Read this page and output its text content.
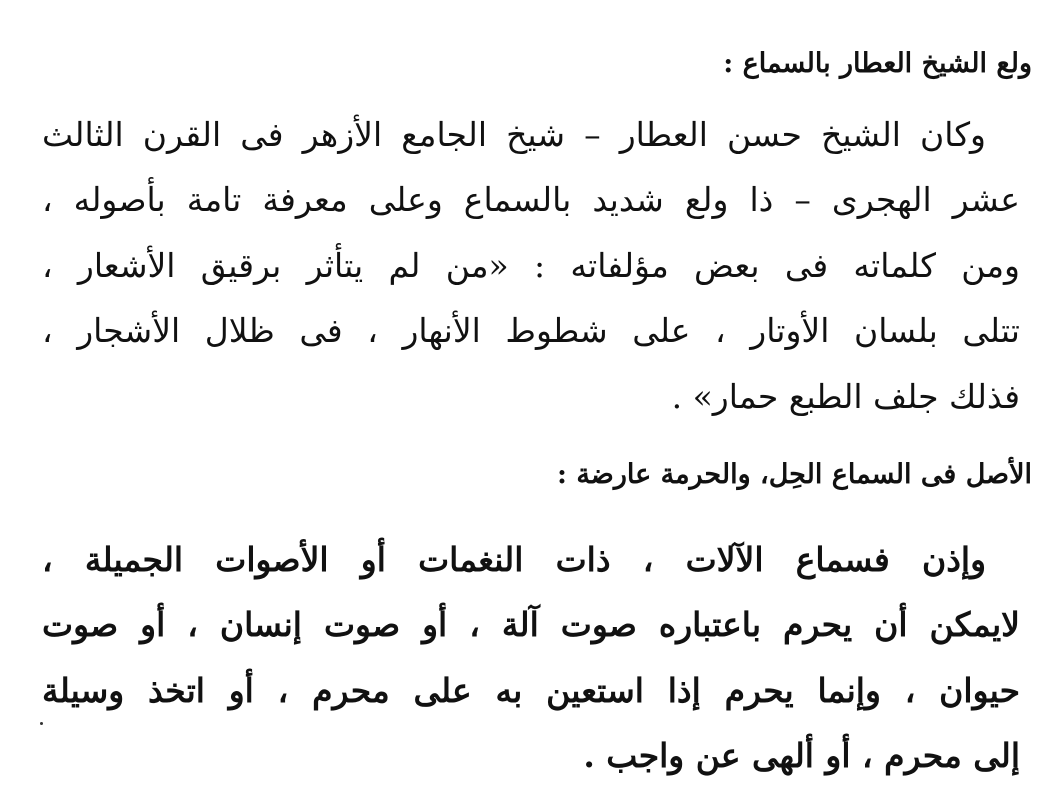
ولع الشيخ العطار بالسماع :
وكان الشيخ حسن العطار – شيخ الجامع الأزهر فى القرن الثالث
عشر الهجرى – ذا ولع شديد بالسماع وعلى معرفة تامة بأصوله ،
ومن كلماته فى بعض مؤلفاته : «من لم يتأثر برقيق الأشعار ،
تتلى بلسان الأوتار ، على شطوط الأنهار ، فى ظلال الأشجار ،
فذلك جلف الطبع حمار» .
الأصل فى السماع الحِل، والحرمة عارضة :
وإذن فسماع الآلات ، ذات النغمات أو الأصوات الجميلة ،
لايمكن أن يحرم باعتباره صوت آلة ، أو صوت إنسان ، أو صوت
حيوان ، وإنما يحرم إذا استعين به على محرم ، أو اتخذ وسيلة
إلى محرم ، أو ألهى عن واجب .
